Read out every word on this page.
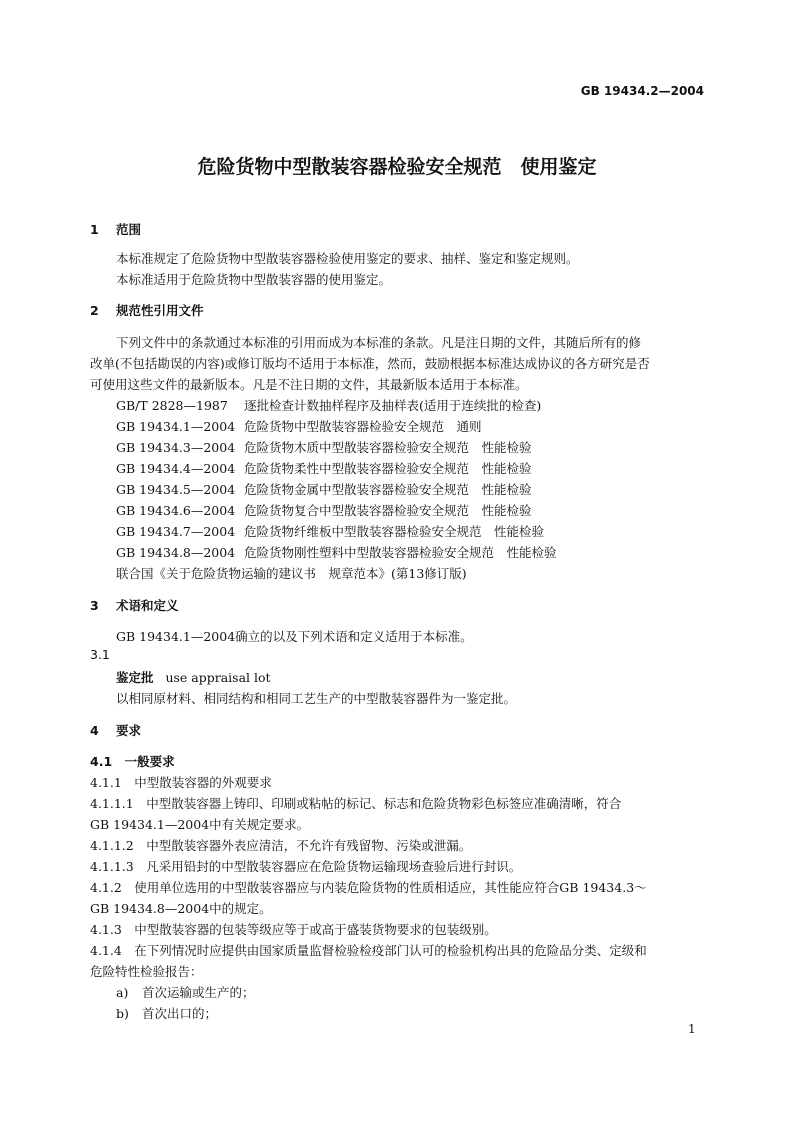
GB 19434.2—2004
危险货物中型散装容器检验安全规范　使用鉴定
1 范围
本标准规定了危险货物中型散装容器检验使用鉴定的要求、抽样、鉴定和鉴定规则。
本标准适用于危险货物中型散装容器的使用鉴定。
2 规范性引用文件
下列文件中的条款通过本标准的引用而成为本标准的条款。凡是注日期的文件，其随后所有的修
改单(不包括勘误的内容)或修订版均不适用于本标准，然而，鼓励根据本标准达成协议的各方研究是否
可使用这些文件的最新版本。凡是不注日期的文件，其最新版本适用于本标准。
GB/T 2828—1987 逐批检查计数抽样程序及抽样表(适用于连续批的检查)
GB 19434.1—2004 危险货物中型散装容器检验安全规范　通则
GB 19434.3—2004 危险货物木质中型散装容器检验安全规范　性能检验
GB 19434.4—2004 危险货物柔性中型散装容器检验安全规范　性能检验
GB 19434.5—2004 危险货物金属中型散装容器检验安全规范　性能检验
GB 19434.6—2004 危险货物复合中型散装容器检验安全规范　性能检验
GB 19434.7—2004 危险货物纤维板中型散装容器检验安全规范　性能检验
GB 19434.8—2004 危险货物刚性塑料中型散装容器检验安全规范　性能检验
联合国《关于危险货物运输的建议书　规章范本》(第13修订版)
3 术语和定义
GB 19434.1—2004确立的以及下列术语和定义适用于本标准。
3.1
鉴定批 use appraisal lot
以相同原材料、相同结构和相同工艺生产的中型散装容器件为一鉴定批。
4 要求
4.1　一般要求
4.1.1　中型散装容器的外观要求
4.1.1.1　中型散装容器上铸印、印刷或粘帖的标记、标志和危险货物彩色标签应准确清晰，符合
GB 19434.1—2004中有关规定要求。
4.1.1.2　中型散装容器外表应清洁，不允许有残留物、污染或泄漏。
4.1.1.3　凡采用铅封的中型散装容器应在危险货物运输现场查验后进行封识。
4.1.2　使用单位选用的中型散装容器应与内装危险货物的性质相适应，其性能应符合GB 19434.3～
GB 19434.8—2004中的规定。
4.1.3　中型散装容器的包装等级应等于或高于盛装货物要求的包装级别。
4.1.4　在下列情况时应提供由国家质量监督检验检疫部门认可的检验机构出具的危险品分类、定级和
危险特性检验报告：
a) 首次运输或生产的；
b) 首次出口的；
1
